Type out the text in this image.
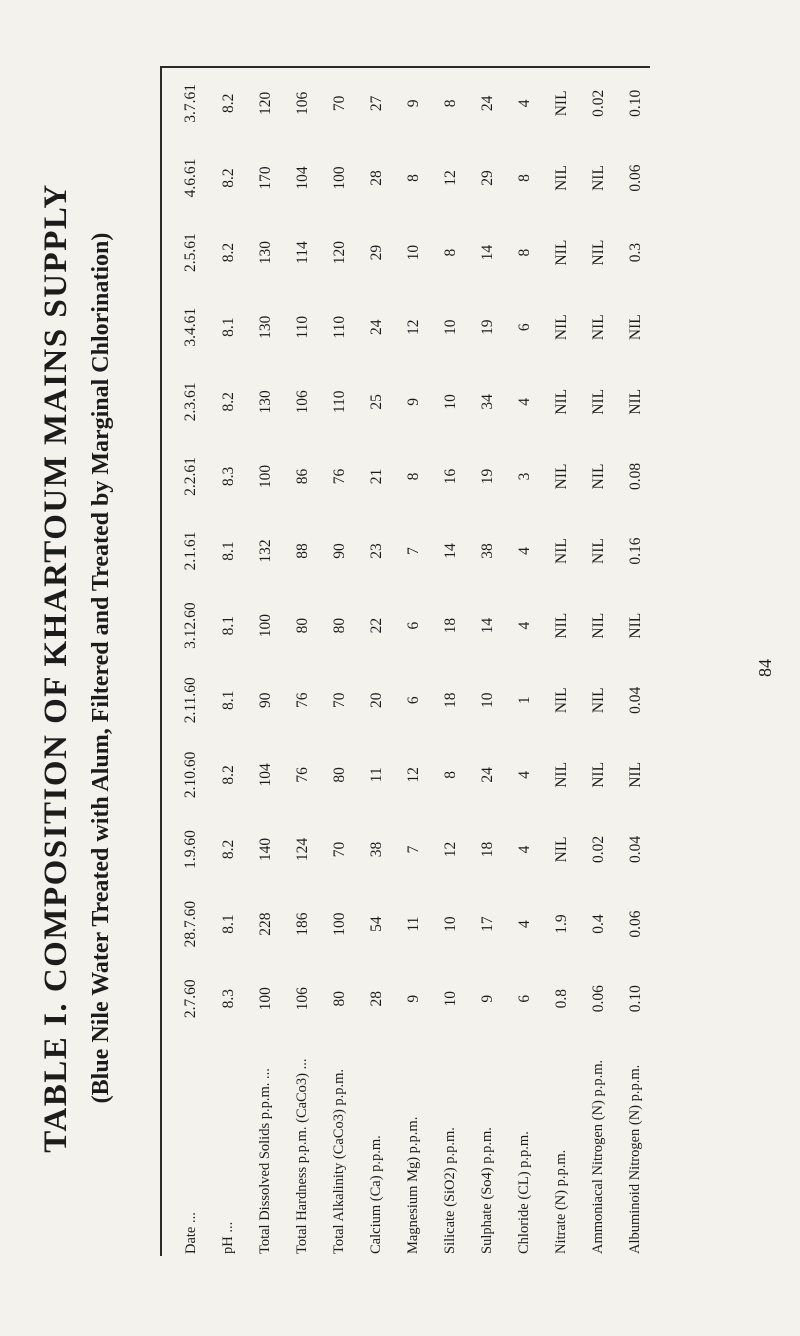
TABLE I. COMPOSITION OF KHARTOUM MAINS SUPPLY (Blue Nile Water Treated with Alum, Filtered and Treated by Marginal Chlorination)
Date ...	2.7.60	28.7.60	1.9.60	2.10.60	2.11.60	3.12.60	2.1.61	2.2.61	2.3.61	3.4.61	2.5.61	4.6.61	3.7.61
pH ...	8.3	8.1	8.2	8.2	8.1	8.1	8.1	8.3	8.2	8.1	8.2	8.2	8.2
Total Dissolved Solids p.p.m. ...	100	228	140	104	90	100	132	100	130	130	130	170	120
Total Hardness p.p.m. (CaCo3) ...	106	186	124	76	76	80	88	86	106	110	114	104	106
Total Alkalinity (CaCo3) p.p.m.	80	100	70	80	70	80	90	76	110	110	120	100	70
Calcium (Ca) p.p.m.	28	54	38	11	20	22	23	21	25	24	29	28	27
Magnesium Mg) p.p.m.	9	11	7	12	6	6	7	8	9	12	10	8	9
Silicate (SiO2) p.p.m.	10	10	12	8	18	18	14	16	10	10	8	12	8
Sulphate (So4) p.p.m.	9	17	18	24	10	14	38	19	34	19	14	29	24
Chloride (CL) p.p.m.	6	4	4	4	1	4	4	3	4	6	8	8	4
Nitrate (N) p.p.m.	0.8	1.9	NIL	NIL	NIL	NIL	NIL	NIL	NIL	NIL	NIL	NIL	NIL
Ammoniacal Nitrogen (N) p.p.m.	0.06	0.4	0.02	NIL	NIL	NIL	NIL	NIL	NIL	NIL	NIL	NIL	0.02
Albuminoid Nitrogen (N) p.p.m.	0.10	0.06	0.04	NIL	0.04	NIL	0.16	0.08	NIL	NIL	0.3	0.06	0.10
84
